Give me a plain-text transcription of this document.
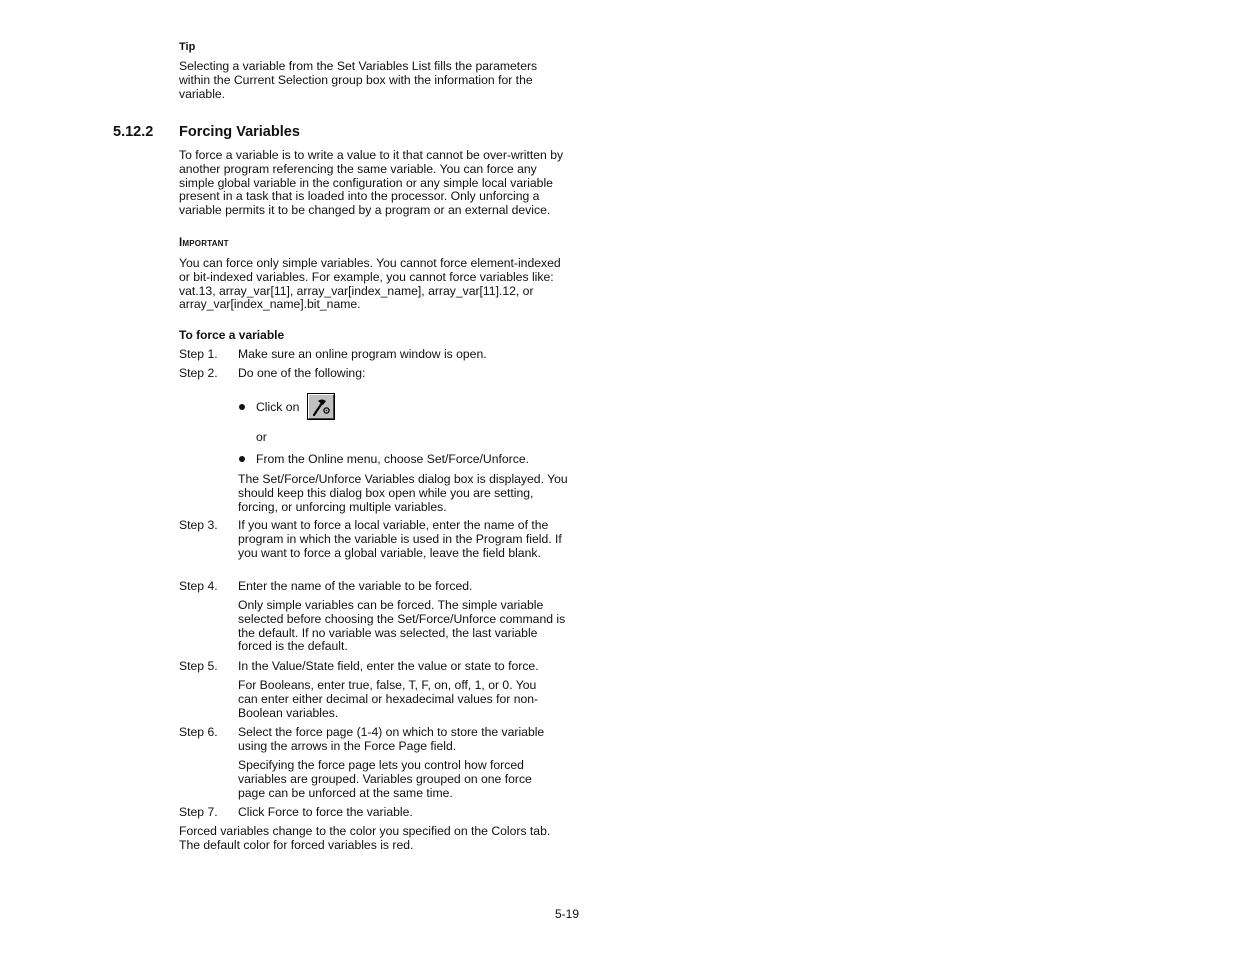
Tip
Selecting a variable from the Set Variables List fills the parameters within the Current Selection group box with the information for the variable.
5.12.2 Forcing Variables
To force a variable is to write a value to it that cannot be over-written by another program referencing the same variable. You can force any simple global variable in the configuration or any simple local variable present in a task that is loaded into the processor. Only unforcing a variable permits it to be changed by a program or an external device.
Important
You can force only simple variables. You cannot force element-indexed or bit-indexed variables. For example, you cannot force variables like: vat.13, array_var[11], array_var[index_name], array_var[11].12, or array_var[index_name].bit_name.
To force a variable
Step 1. Make sure an online program window is open.
Step 2. Do one of the following:
Click on
or
From the Online menu, choose Set/Force/Unforce.
The Set/Force/Unforce Variables dialog box is displayed. You should keep this dialog box open while you are setting, forcing, or unforcing multiple variables.
Step 3. If you want to force a local variable, enter the name of the program in which the variable is used in the Program field. If you want to force a global variable, leave the field blank.
Step 4. Enter the name of the variable to be forced.
Only simple variables can be forced. The simple variable selected before choosing the Set/Force/Unforce command is the default. If no variable was selected, the last variable forced is the default.
Step 5. In the Value/State field, enter the value or state to force.
For Booleans, enter true, false, T, F, on, off, 1, or 0. You can enter either decimal or hexadecimal values for non-Boolean variables.
Step 6. Select the force page (1-4) on which to store the variable using the arrows in the Force Page field.
Specifying the force page lets you control how forced variables are grouped. Variables grouped on one force page can be unforced at the same time.
Step 7. Click Force to force the variable.
Forced variables change to the color you specified on the Colors tab. The default color for forced variables is red.
5-19
